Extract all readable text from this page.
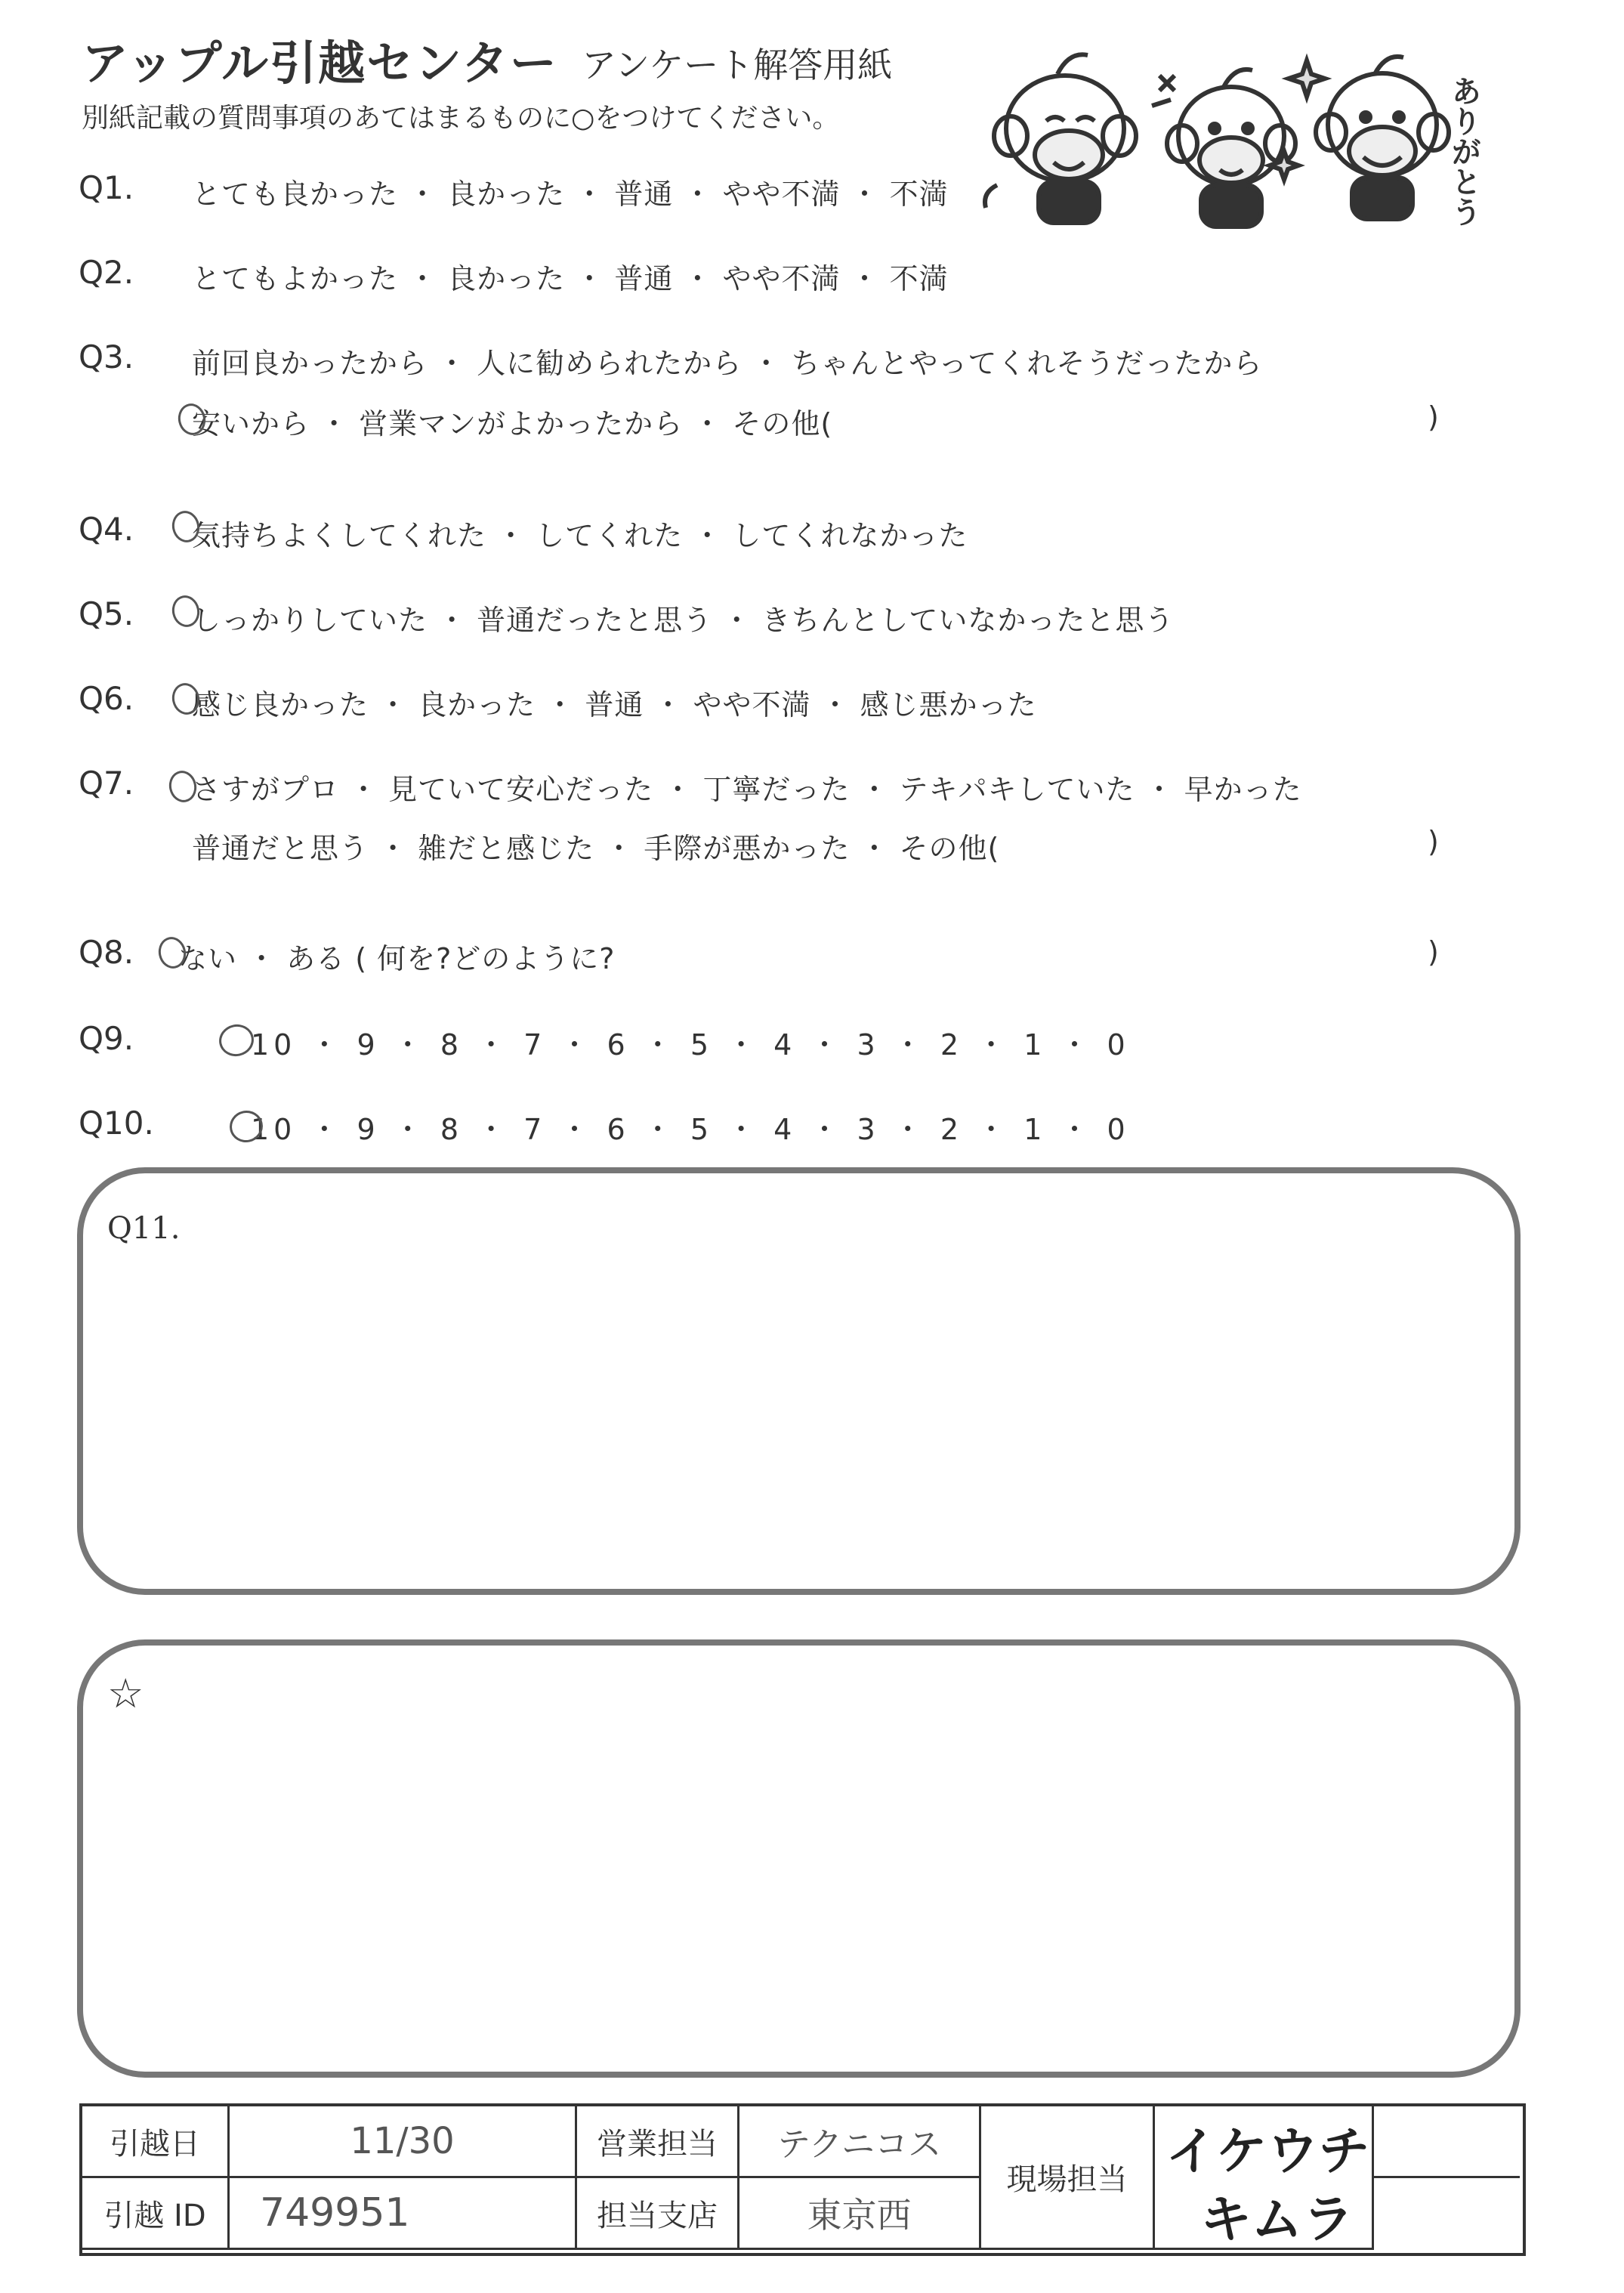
アップル引越センター アンケート解答用紙
別紙記載の質問事項のあてはまるものに○をつけてください。	ありがとう
Q1. とても良かった ・ 良かった ・ 普通 ・ やや不満 ・ 不満
Q2. とてもよかった ・ 良かった ・ 普通 ・ やや不満 ・ 不満
Q3. 前回良かったから ・ 人に勧められたから ・ ちゃんとやってくれそうだったから
安いから ・ 営業マンがよかったから ・ その他(	)
Q4. 気持ちよくしてくれた ・ してくれた ・ してくれなかった
Q5. しっかりしていた ・ 普通だったと思う ・ きちんとしていなかったと思う
Q6. 感じ良かった ・ 良かった ・ 普通 ・ やや不満 ・ 感じ悪かった
Q7. さすがプロ ・ 見ていて安心だった ・ 丁寧だった ・ テキパキしていた ・ 早かった
普通だと思う ・ 雑だと感じた ・ 手際が悪かった ・ その他(	)
Q8. ない ・ ある ( 何を?どのように?	)
Q9.	10 ・ 9 ・ 8 ・ 7 ・ 6 ・ 5 ・ 4 ・ 3 ・ 2 ・ 1 ・ 0
Q10.	10 ・ 9 ・ 8 ・ 7 ・ 6 ・ 5 ・ 4 ・ 3 ・ 2 ・ 1 ・ 0
Q11.
☆
引越日	11/30	営業担当	テクニコス
引越 ID	749951	担当支店	東京西
現場担当 イケウチ
キムラ
